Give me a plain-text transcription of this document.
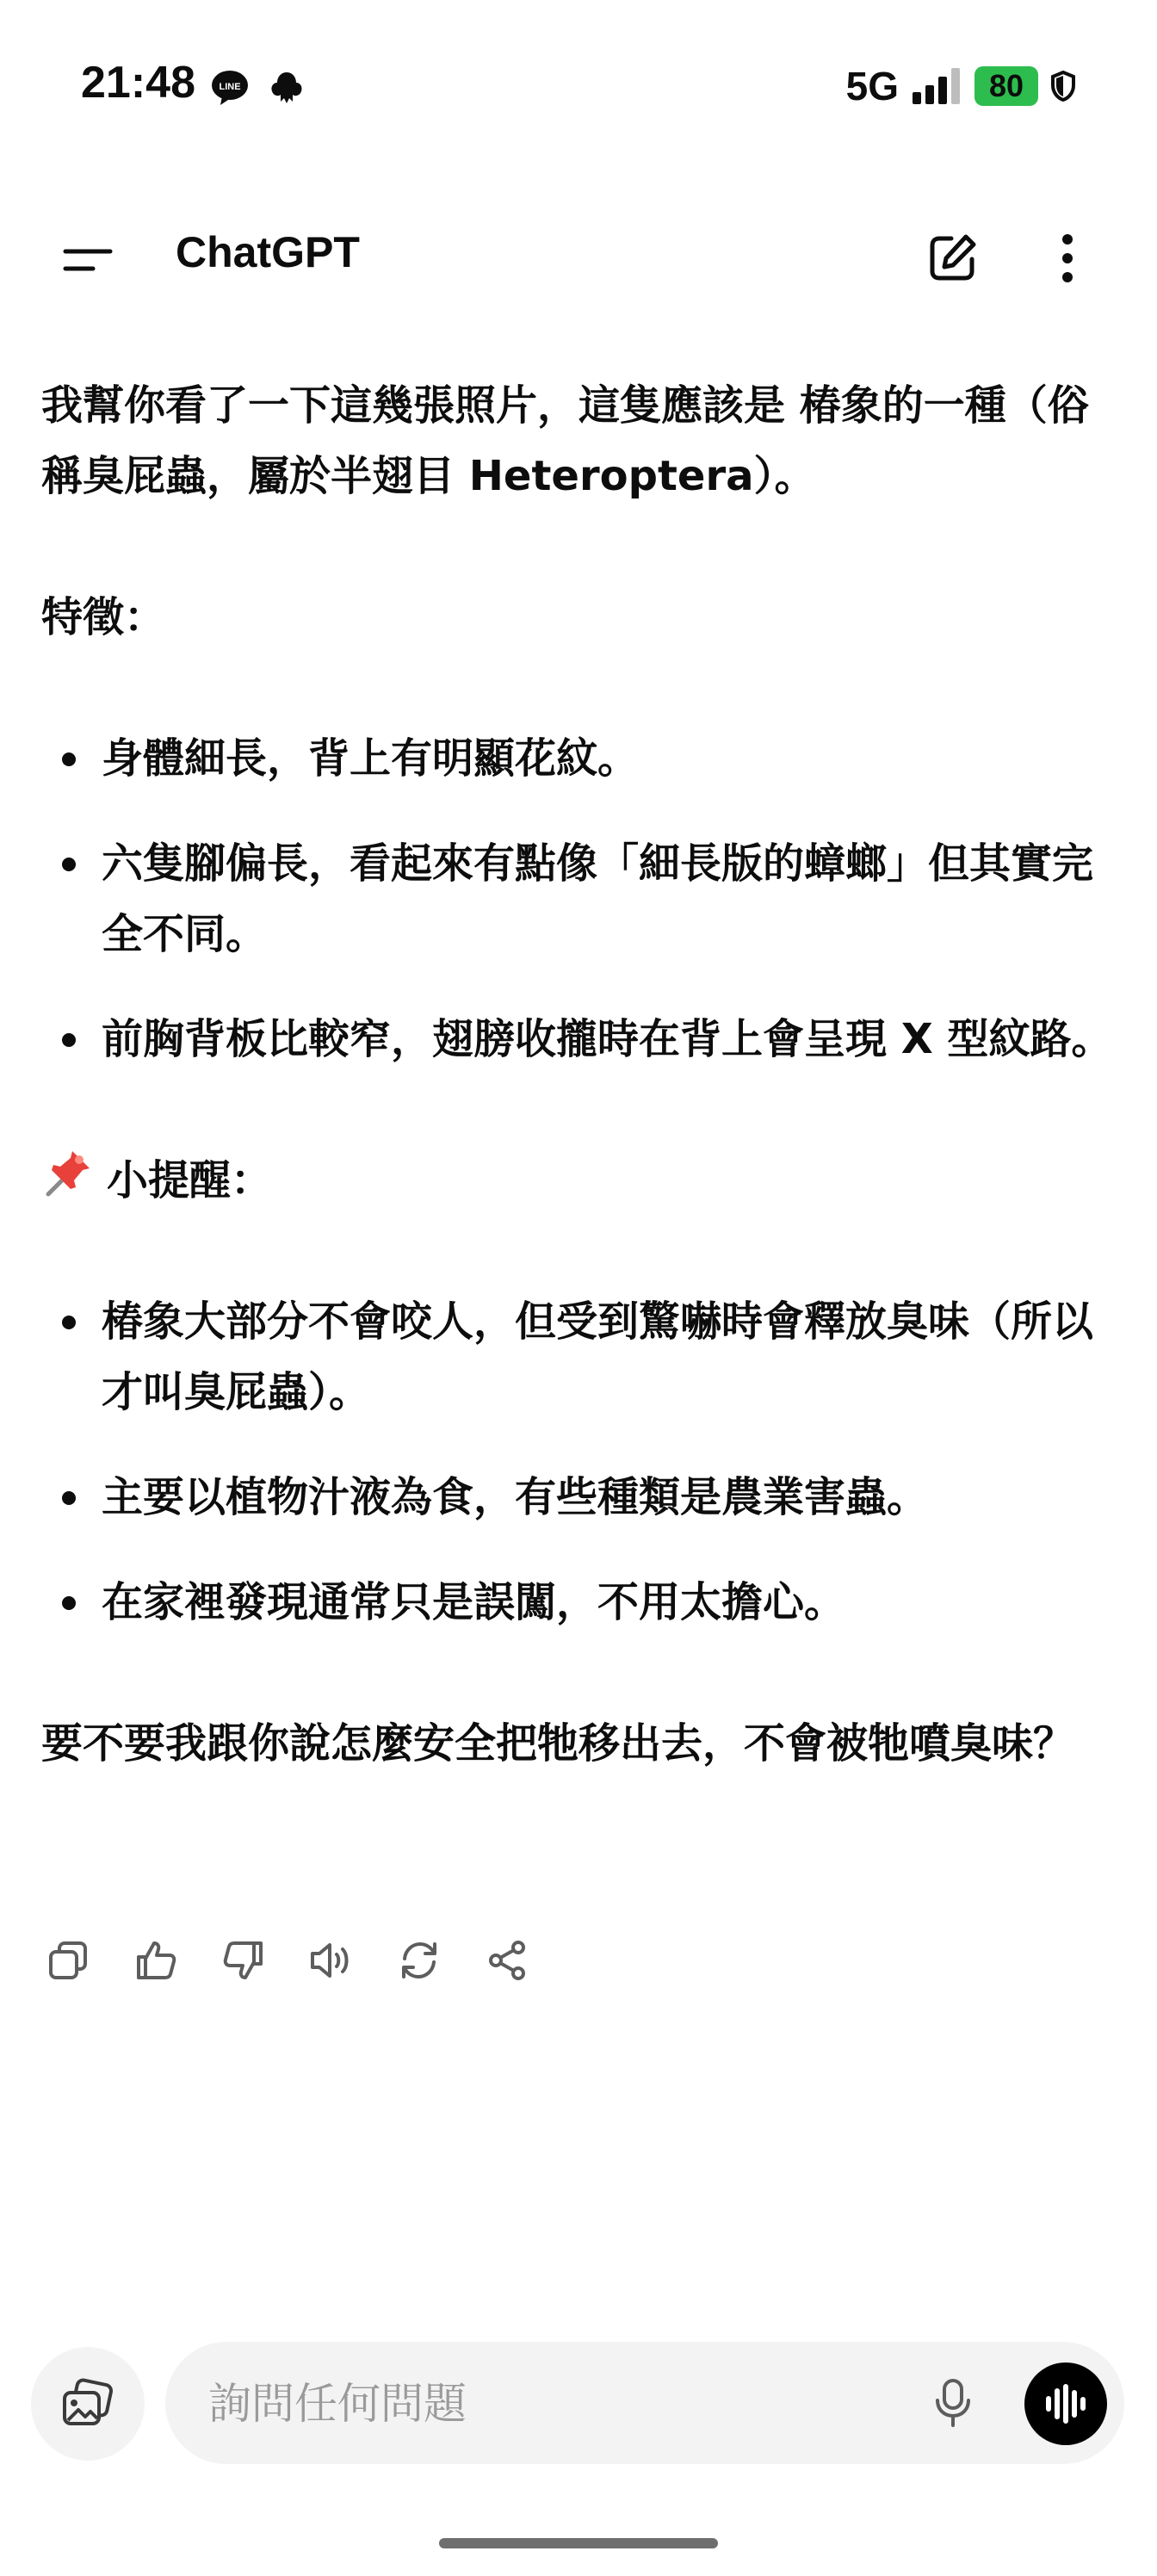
21:48 LINE	5G	80
ChatGPT

我幫你看了一下這幾張照片，這隻應該是 椿象的一種（俗稱臭屁蟲，屬於半翅目 Heteroptera）。

特徵：

身體細長，背上有明顯花紋。
六隻腳偏長，看起來有點像「細長版的蟑螂」但其實完全不同。
前胸背板比較窄，翅膀收攏時在背上會呈現 X 型紋路。

小提醒：

椿象大部分不會咬人，但受到驚嚇時會釋放臭味（所以才叫臭屁蟲）。
主要以植物汁液為食，有些種類是農業害蟲。
在家裡發現通常只是誤闖，不用太擔心。

要不要我跟你說怎麼安全把牠移出去，不會被牠噴臭味？

詢問任何問題
